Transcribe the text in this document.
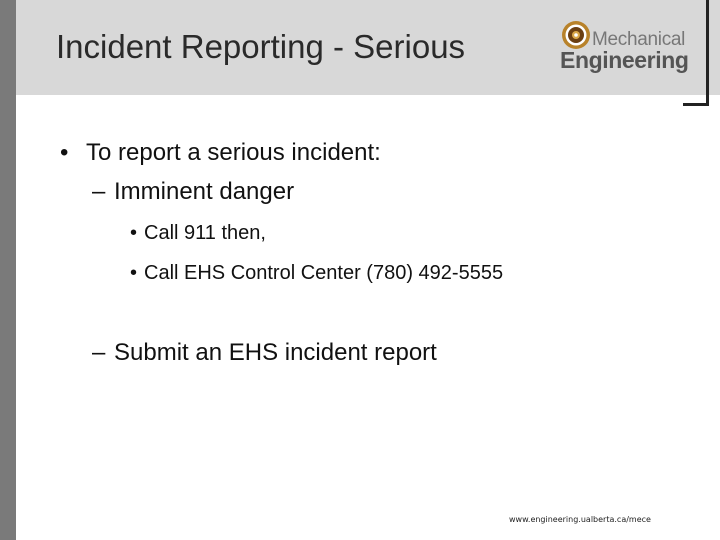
Incident Reporting - Serious	Mechanical
Engineering
• To report a serious incident:
– Imminent danger
• Call 911 then,
• Call EHS Control Center (780) 492-5555
– Submit an EHS incident report
www.engineering.ualberta.ca/mece
